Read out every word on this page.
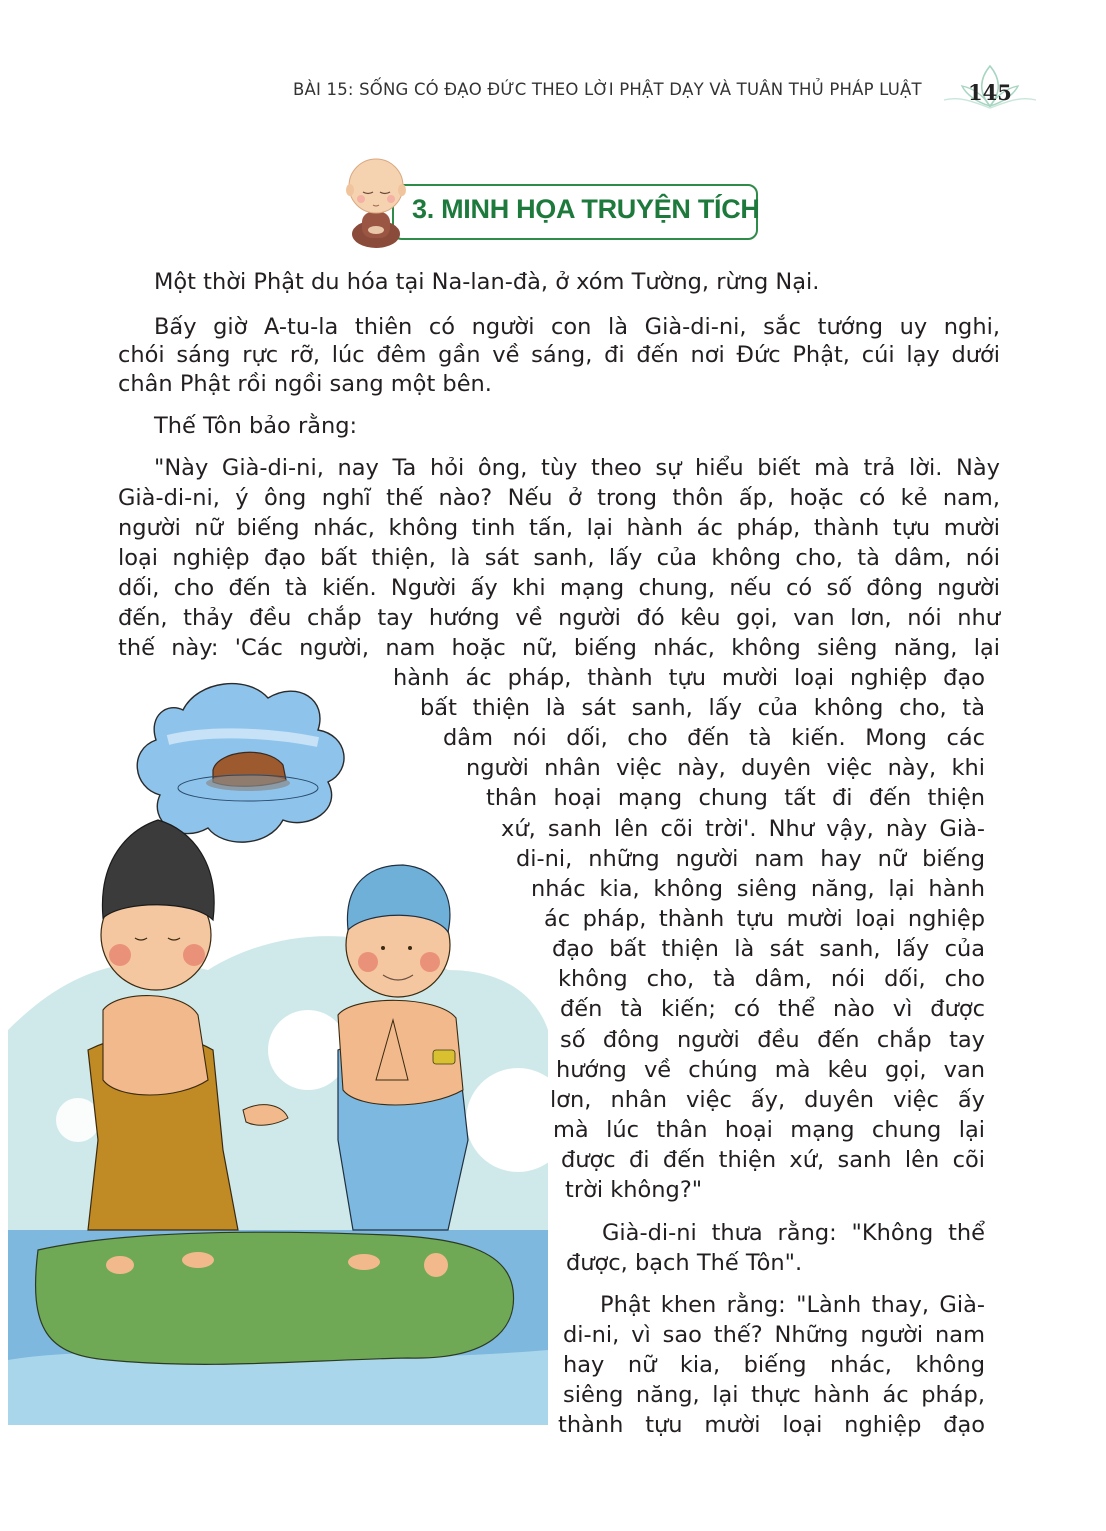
BÀI 15: SỐNG CÓ ĐẠO ĐỨC THEO LỜI PHẬT DẠY VÀ TUÂN THỦ PHÁP LUẬT 145
3. MINH HỌA TRUYỆN TÍCH
Một thời Phật du hóa tại Na-lan-đà, ở xóm Tường, rừng Nại.
Bấy giờ A-tu-la thiên có người con là Già-di-ni, sắc tướng uy nghi,
chói sáng rực rỡ, lúc đêm gần về sáng, đi đến nơi Đức Phật, cúi lạy dưới
chân Phật rồi ngồi sang một bên.
Thế Tôn bảo rằng:
"Này Già-di-ni, nay Ta hỏi ông, tùy theo sự hiểu biết mà trả lời. Này
Già-di-ni, ý ông nghĩ thế nào? Nếu ở trong thôn ấp, hoặc có kẻ nam,
người nữ biếng nhác, không tinh tấn, lại hành ác pháp, thành tựu mười
loại nghiệp đạo bất thiện, là sát sanh, lấy của không cho, tà dâm, nói
dối, cho đến tà kiến. Người ấy khi mạng chung, nếu có số đông người
đến, thảy đều chắp tay hướng về người đó kêu gọi, van lơn, nói như
thế này: 'Các người, nam hoặc nữ, biếng nhác, không siêng năng, lại
hành ác pháp, thành tựu mười loại nghiệp đạo
bất thiện là sát sanh, lấy của không cho, tà
dâm nói dối, cho đến tà kiến. Mong các
người nhân việc này, duyên việc này, khi
thân hoại mạng chung tất đi đến thiện
xứ, sanh lên cõi trời'. Như vậy, này Già-
di-ni, những người nam hay nữ biếng
nhác kia, không siêng năng, lại hành
ác pháp, thành tựu mười loại nghiệp
đạo bất thiện là sát sanh, lấy của
không cho, tà dâm, nói dối, cho
đến tà kiến; có thể nào vì được
số đông người đều đến chắp tay
hướng về chúng mà kêu gọi, van
lơn, nhân việc ấy, duyên việc ấy
mà lúc thân hoại mạng chung lại
được đi đến thiện xứ, sanh lên cõi
trời không?"
Già-di-ni thưa rằng: "Không thể
được, bạch Thế Tôn".
Phật khen rằng: "Lành thay, Già-
di-ni, vì sao thế? Những người nam
hay nữ kia, biếng nhác, không
siêng năng, lại thực hành ác pháp,
thành tựu mười loại nghiệp đạo
